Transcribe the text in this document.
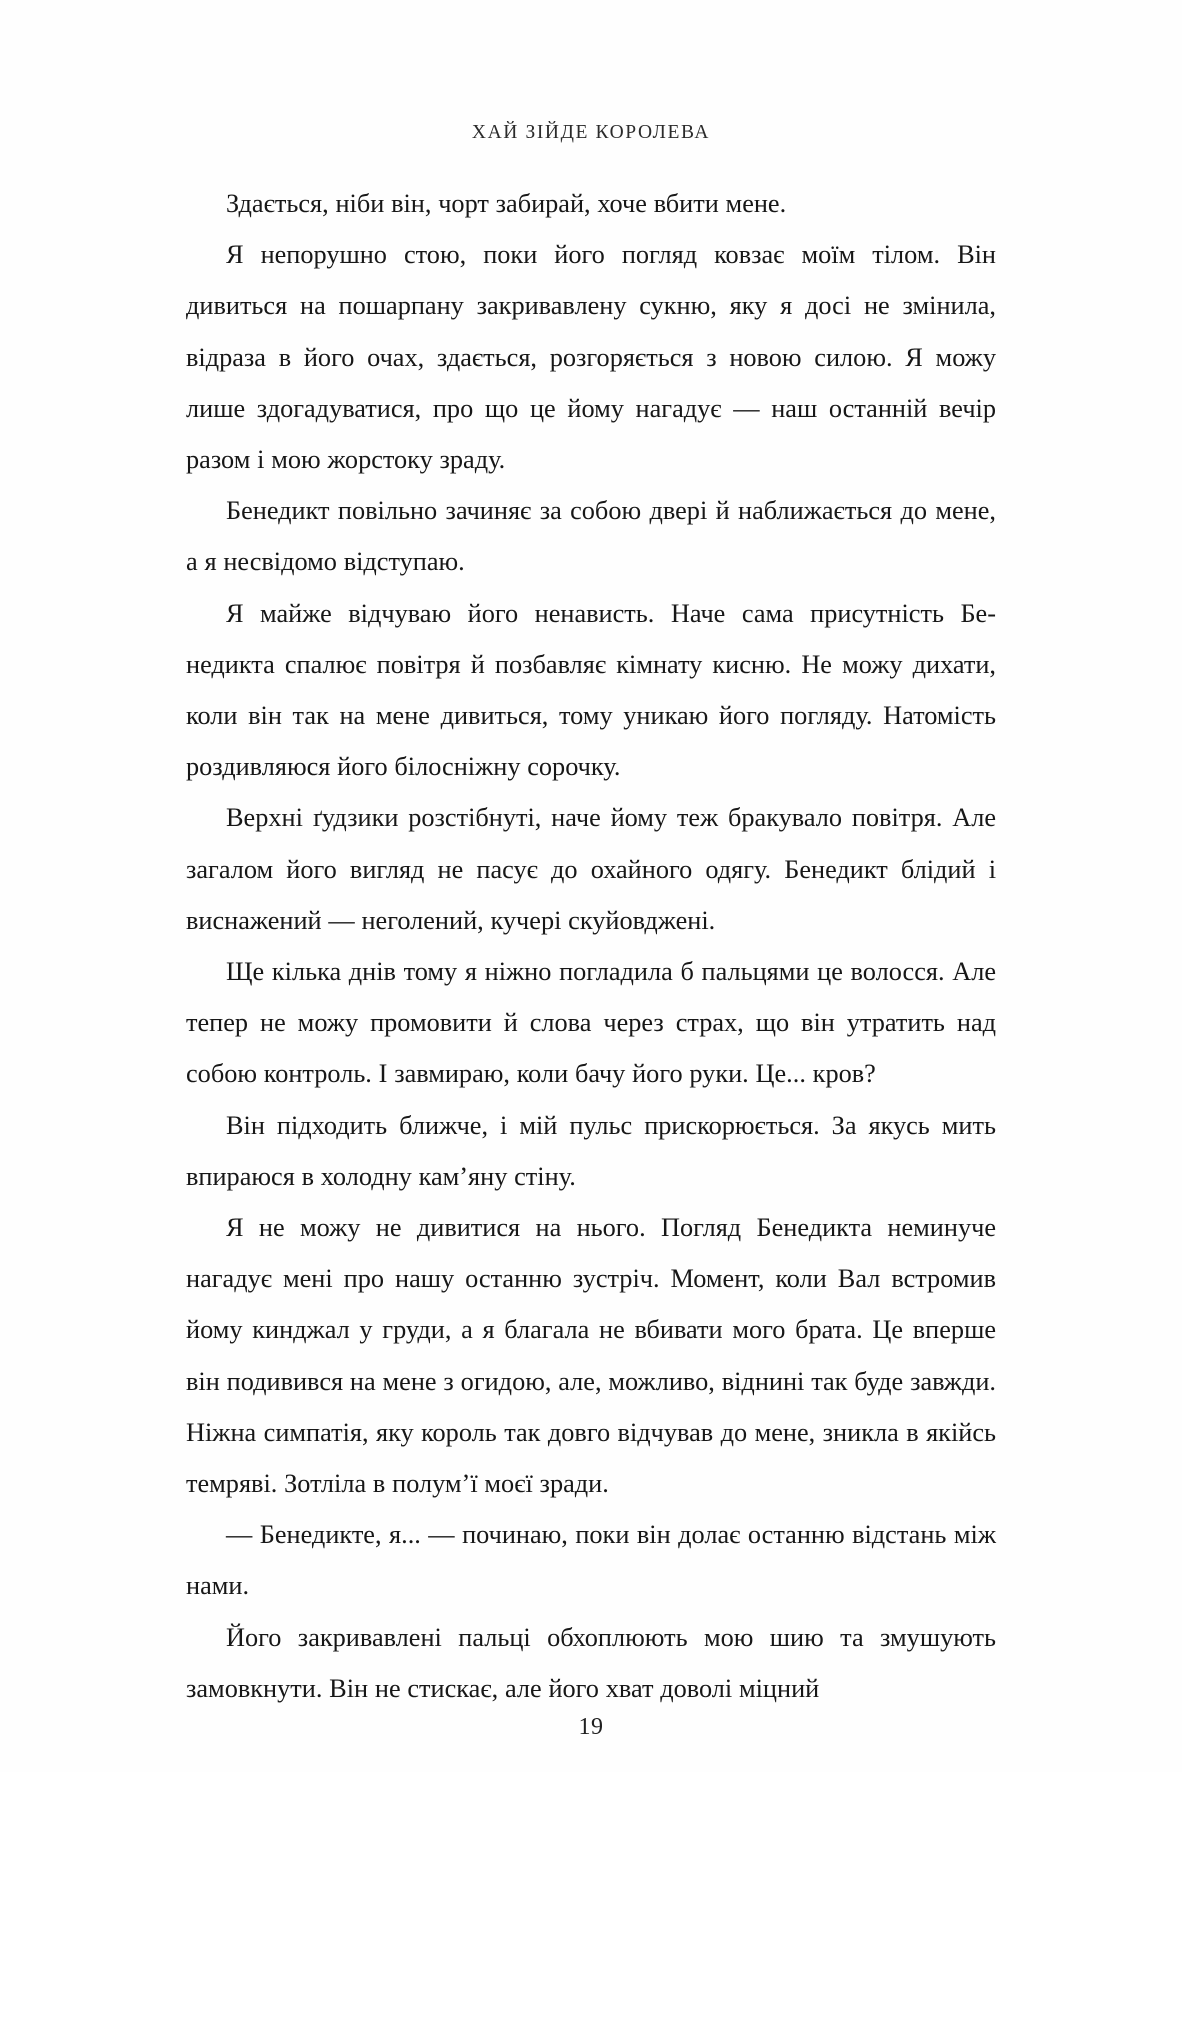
ХАЙ ЗІЙДЕ КОРОЛЕВА

Здається, ніби він, чорт забирай, хоче вбити мене.

Я непорушно стою, поки його погляд ковзає моїм тілом. Він дивиться на пошарпану закривавлену сукню, яку я досі не змінила, відраза в його очах, здається, розгоряється з новою силою. Я можу лише здогадуватися, про що це йому нагадує — наш останній вечір разом і мою жорстоку зраду.

Бенедикт повільно зачиняє за собою двері й наближається до мене, а я несвідомо відступаю.

Я майже відчуваю його ненависть. Наче сама присутність Бенедикта спалює повітря й позбавляє кімнату кисню. Не можу дихати, коли він так на мене дивиться, тому уникаю його погляду. Натомість роздивляюся його білосніжну сорочку.

Верхні ґудзики розстібнуті, наче йому теж бракувало повітря. Але загалом його вигляд не пасує до охайного одягу. Бенедикт блідий і виснажений — неголений, кучері скуйовджені.

Ще кілька днів тому я ніжно погладила б пальцями це волосся. Але тепер не можу промовити й слова через страх, що він утратить над собою контроль. І завмираю, коли бачу його руки. Це... кров?

Він підходить ближче, і мій пульс прискорюється. За якусь мить впираюся в холодну кам’яну стіну.

Я не можу не дивитися на нього. Погляд Бенедикта неминуче нагадує мені про нашу останню зустріч. Момент, коли Вал встромив йому кинджал у груди, а я благала не вбивати мого брата. Це вперше він подивився на мене з огидою, але, можливо, віднині так буде завжди. Ніжна симпатія, яку король так довго відчував до мене, зникла в якійсь темряві. Зотліла в полум’ї моєї зради.

— Бенедикте, я... — починаю, поки він долає останню відстань між нами.

Його закривавлені пальці обхоплюють мою шию та змушують замовкнути. Він не стискає, але його хват доволі міцний

19
